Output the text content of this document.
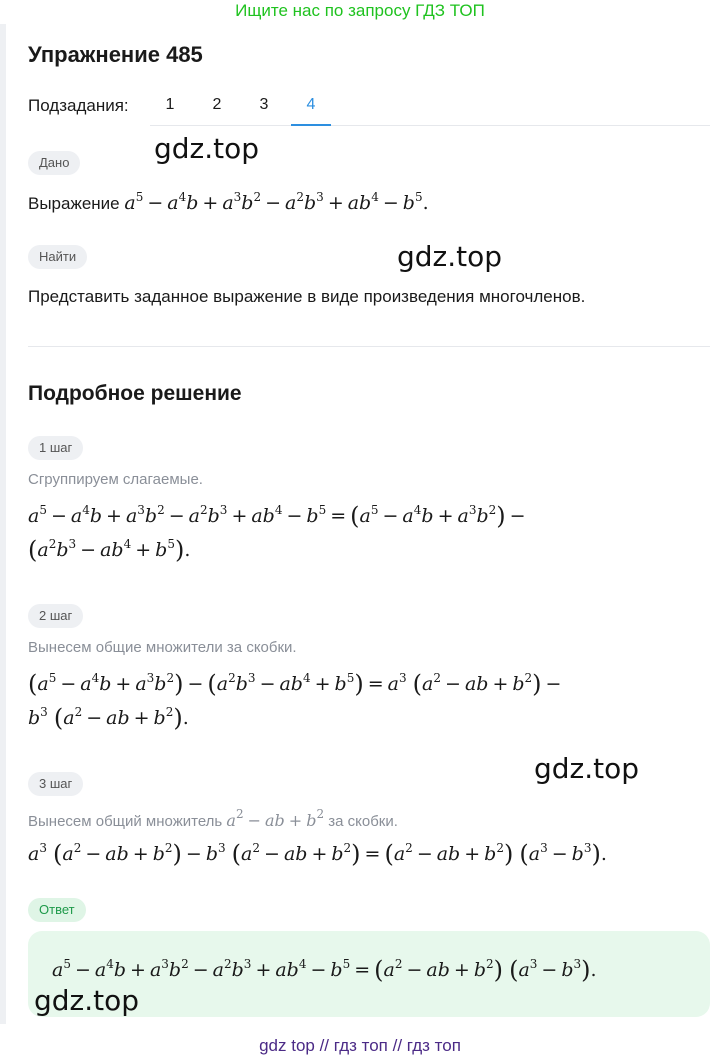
Ищите нас по запросу ГДЗ ТОП
Упражнение 485
Подзадания:	1	2	3	4
Дано
Выражение $a^5 - a^4b + a^3b^2 - a^2b^3 + ab^4 - b^5$.
Найти
Представить заданное выражение в виде произведения многочленов.
Подробное решение
1 шаг
Сгруппируем слагаемые.
$a^5 - a^4b + a^3b^2 - a^2b^3 + ab^4 - b^5 = (a^5 - a^4b + a^3b^2)$ −
$(a^2b^3 - ab^4 + b^5)$.
2 шаг
Вынесем общие множители за скобки.
$(a^5 - a^4b + a^3b^2) - (a^2b^3 - ab^4 + b^5) = a^3$ ($a^2$ − ab + $b^2$) −
$b^3$ ($a^2$ − ab + $b^2$).
3 шаг
Вынесем общий множитель $a^2$ − ab + $b^2$ за скобки.
$a^3$ ($a^2$ − ab + $b^2) - b^3$ ($a^2$ − ab + $b^2) = (a^2$ − ab + $b^2$) $(a^3 - b^3)$.
Ответ
$a^5 - a^4b + a^3b^2 - a^2b^3 + ab^4 - b^5 = (a^2$ − ab + $b^2$) $(a^3 - b^3)$.
gdz.top
gdz.top
gdz.top
gdz.top
gdz top // гдз топ // гдз топ
